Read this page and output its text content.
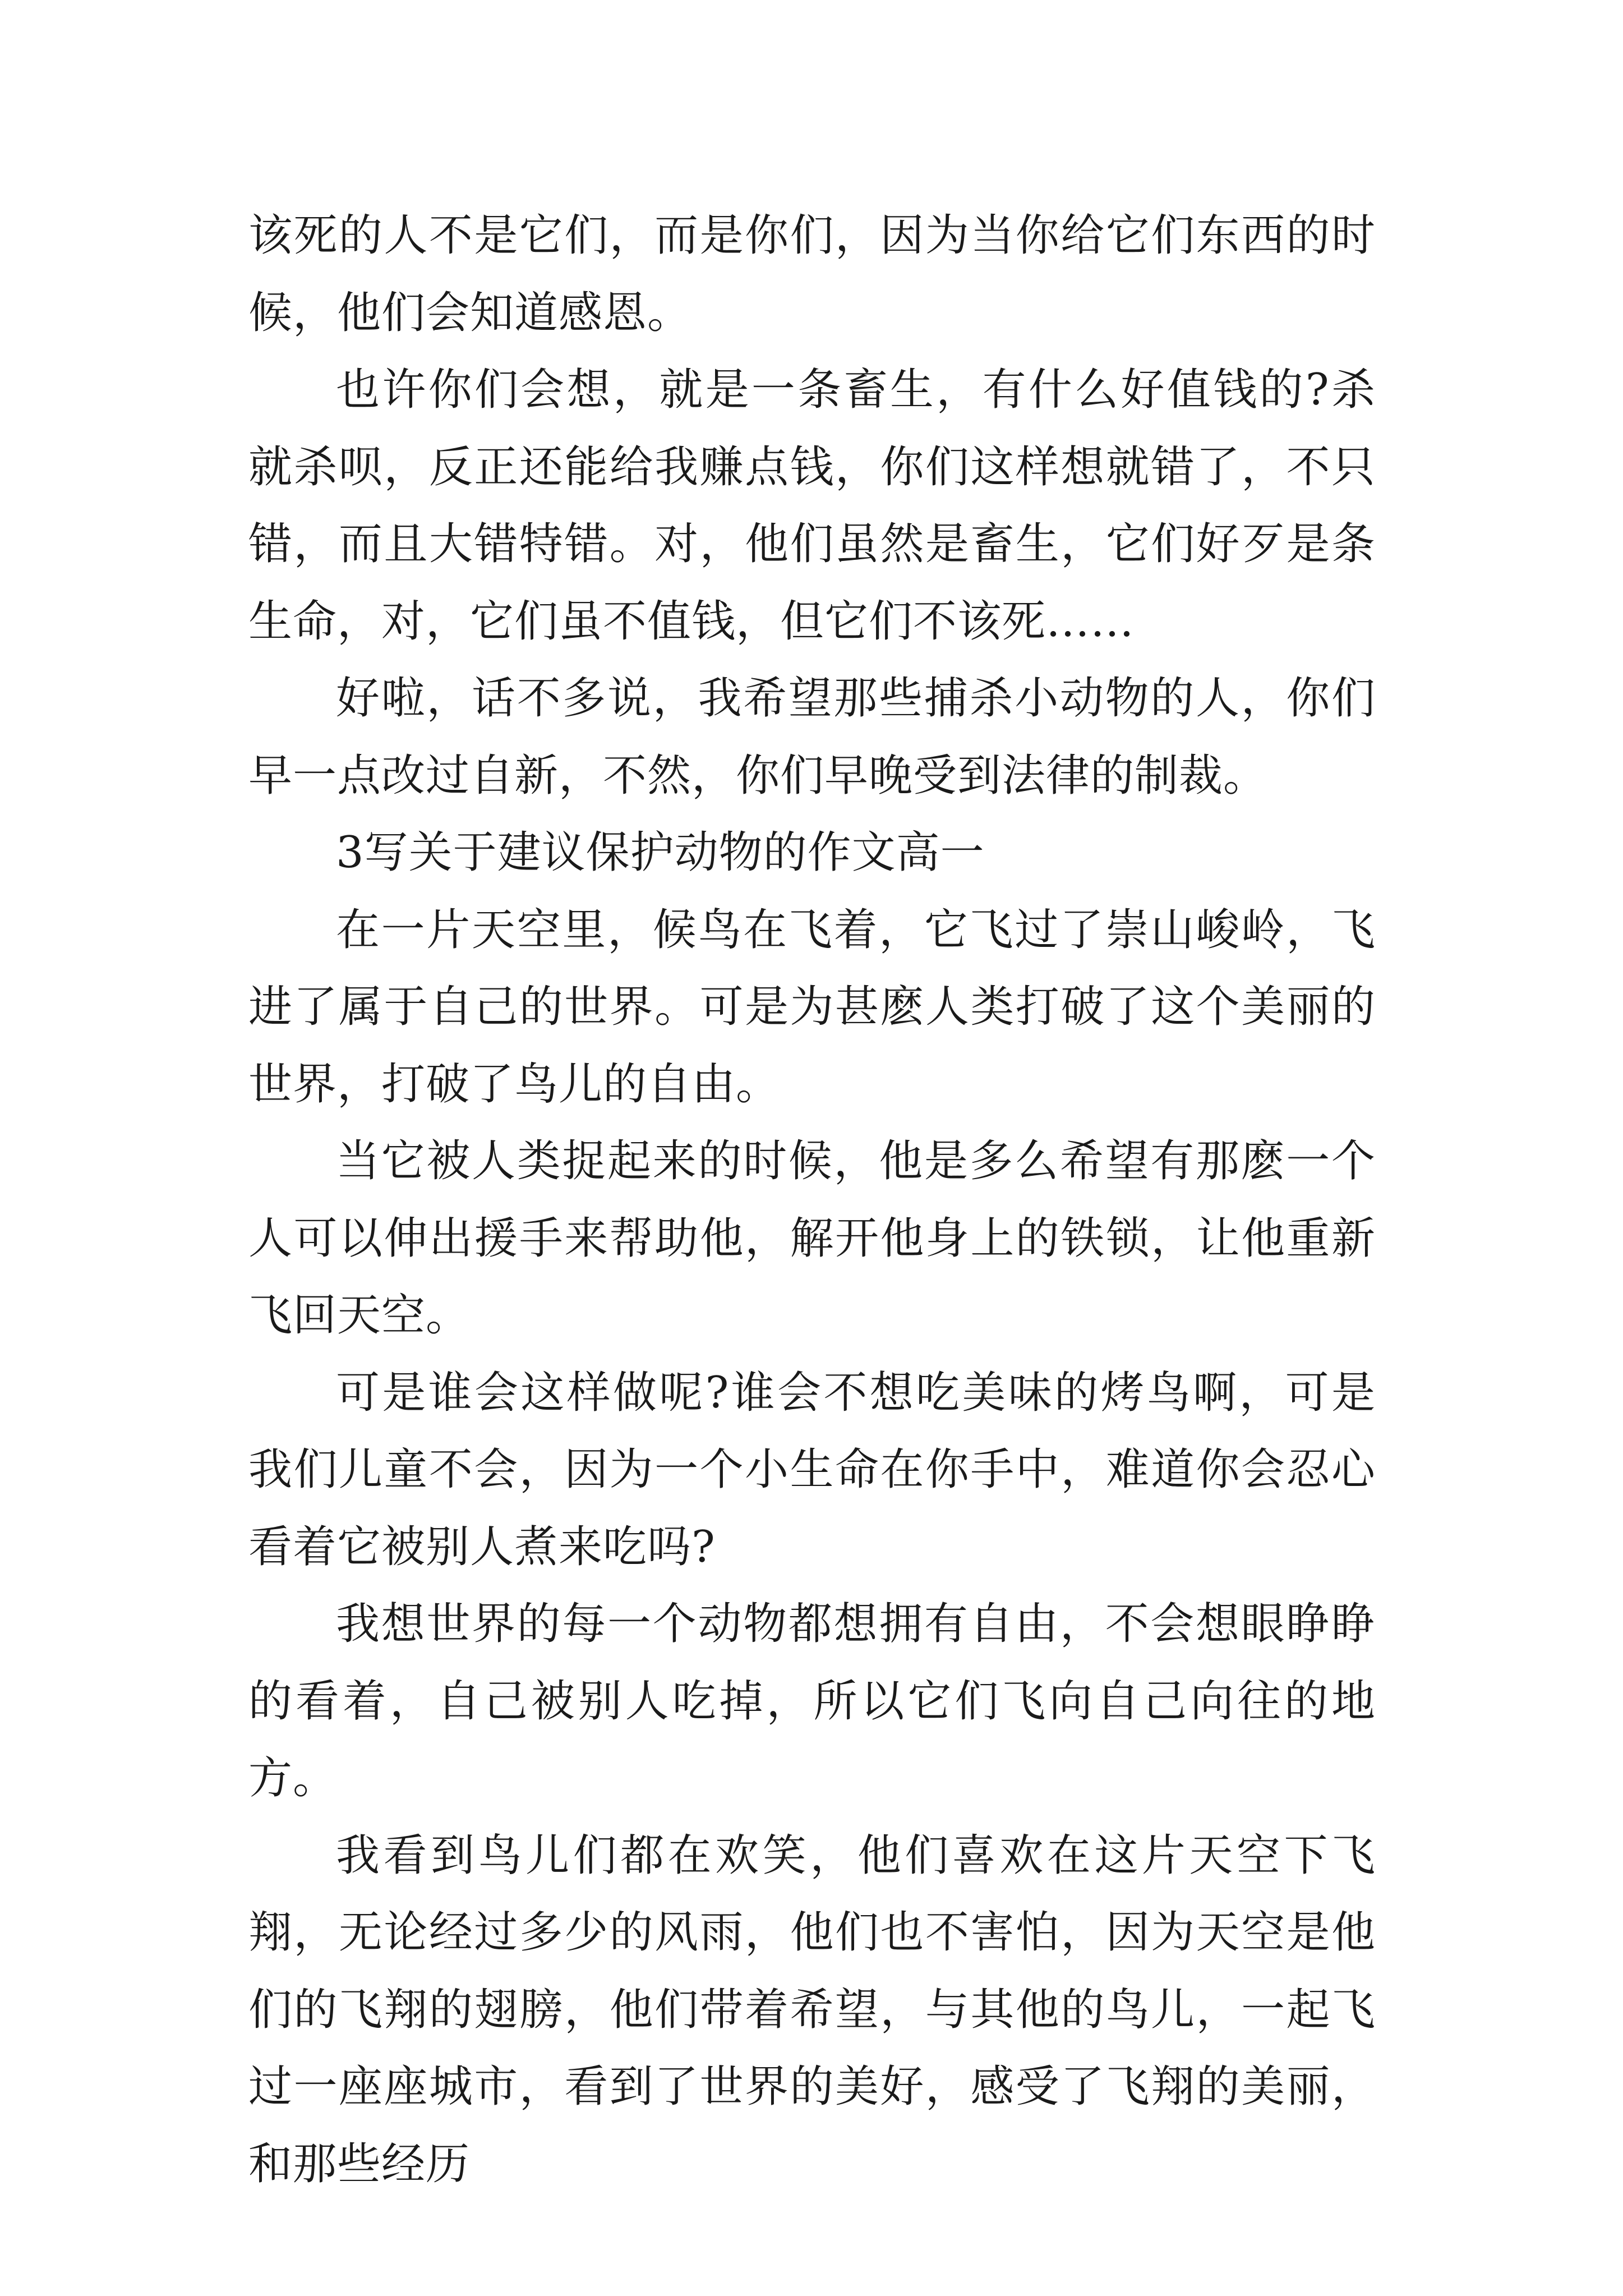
该死的人不是它们，而是你们，因为当你给它们东西的时候，他们会知道感恩。

也许你们会想，就是一条畜生，有什么好值钱的?杀就杀呗，反正还能给我赚点钱，你们这样想就错了，不只错，而且大错特错。对，他们虽然是畜生，它们好歹是条生命，对，它们虽不值钱，但它们不该死……

好啦，话不多说，我希望那些捕杀小动物的人，你们早一点改过自新，不然，你们早晚受到法律的制裁。

3写关于建议保护动物的作文高一

在一片天空里，候鸟在飞着，它飞过了崇山峻岭，飞进了属于自己的世界。可是为甚麽人类打破了这个美丽的世界，打破了鸟儿的自由。

当它被人类捉起来的时候，他是多么希望有那麽一个人可以伸出援手来帮助他，解开他身上的铁锁，让他重新飞回天空。

可是谁会这样做呢?谁会不想吃美味的烤鸟啊，可是我们儿童不会，因为一个小生命在你手中，难道你会忍心看着它被别人煮来吃吗?

我想世界的每一个动物都想拥有自由，不会想眼睁睁的看着，自己被别人吃掉，所以它们飞向自己向往的地方。

我看到鸟儿们都在欢笑，他们喜欢在这片天空下飞翔，无论经过多少的风雨，他们也不害怕，因为天空是他们的飞翔的翅膀，他们带着希望，与其他的鸟儿，一起飞过一座座城市，看到了世界的美好，感受了飞翔的美丽，和那些经历
